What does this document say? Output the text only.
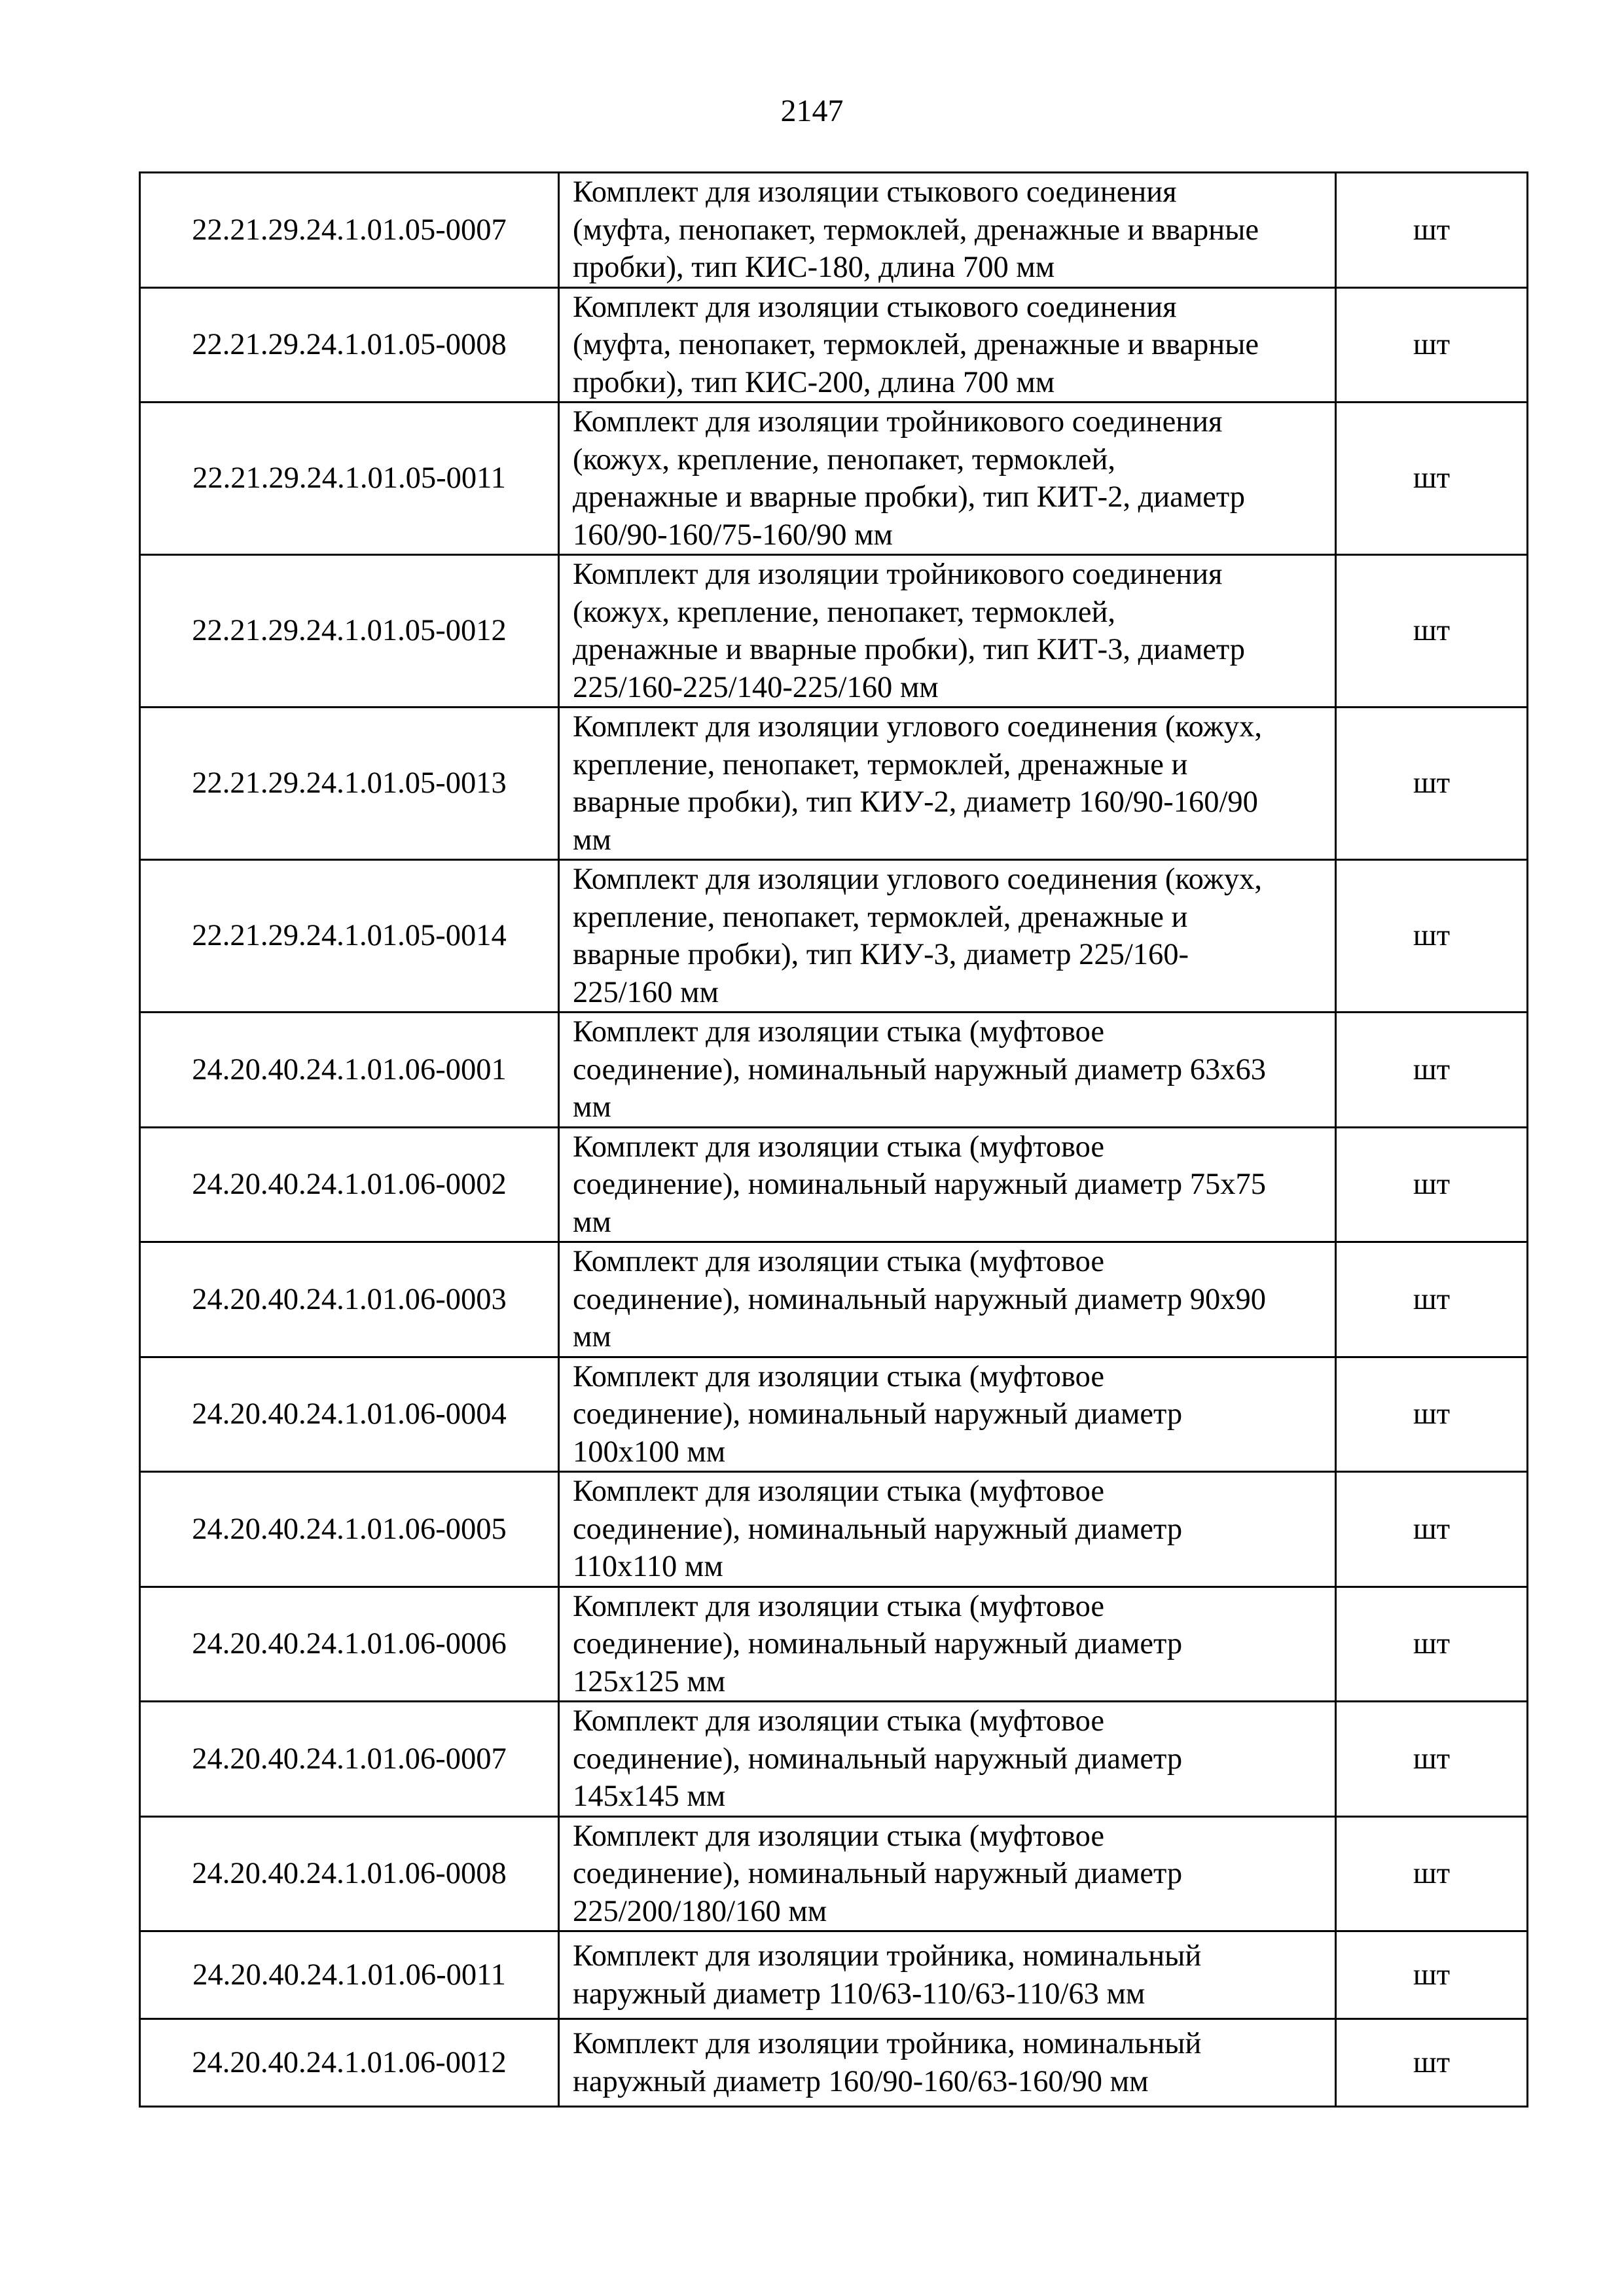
2147
22.21.29.24.1.01.05-0007	Комплект для изоляции стыкового соединения
(муфта, пенопакет, термоклей, дренажные и вварные
пробки), тип КИС-180, длина 700 мм	шт
22.21.29.24.1.01.05-0008	Комплект для изоляции стыкового соединения
(муфта, пенопакет, термоклей, дренажные и вварные
пробки), тип КИС-200, длина 700 мм	шт
22.21.29.24.1.01.05-0011	Комплект для изоляции тройникового соединения
(кожух, крепление, пенопакет, термоклей,
дренажные и вварные пробки), тип КИТ-2, диаметр
160/90-160/75-160/90 мм	шт
22.21.29.24.1.01.05-0012	Комплект для изоляции тройникового соединения
(кожух, крепление, пенопакет, термоклей,
дренажные и вварные пробки), тип КИТ-3, диаметр
225/160-225/140-225/160 мм	шт
22.21.29.24.1.01.05-0013	Комплект для изоляции углового соединения (кожух,
крепление, пенопакет, термоклей, дренажные и
вварные пробки), тип КИУ-2, диаметр 160/90-160/90
мм	шт
22.21.29.24.1.01.05-0014	Комплект для изоляции углового соединения (кожух,
крепление, пенопакет, термоклей, дренажные и
вварные пробки), тип КИУ-3, диаметр 225/160-
225/160 мм	шт
24.20.40.24.1.01.06-0001	Комплект для изоляции стыка (муфтовое
соединение), номинальный наружный диаметр 63х63
мм	шт
24.20.40.24.1.01.06-0002	Комплект для изоляции стыка (муфтовое
соединение), номинальный наружный диаметр 75х75
мм	шт
24.20.40.24.1.01.06-0003	Комплект для изоляции стыка (муфтовое
соединение), номинальный наружный диаметр 90х90
мм	шт
24.20.40.24.1.01.06-0004	Комплект для изоляции стыка (муфтовое
соединение), номинальный наружный диаметр
100х100 мм	шт
24.20.40.24.1.01.06-0005	Комплект для изоляции стыка (муфтовое
соединение), номинальный наружный диаметр
110х110 мм	шт
24.20.40.24.1.01.06-0006	Комплект для изоляции стыка (муфтовое
соединение), номинальный наружный диаметр
125х125 мм	шт
24.20.40.24.1.01.06-0007	Комплект для изоляции стыка (муфтовое
соединение), номинальный наружный диаметр
145х145 мм	шт
24.20.40.24.1.01.06-0008	Комплект для изоляции стыка (муфтовое
соединение), номинальный наружный диаметр
225/200/180/160 мм	шт
24.20.40.24.1.01.06-0011	Комплект для изоляции тройника, номинальный
наружный диаметр 110/63-110/63-110/63 мм	шт
24.20.40.24.1.01.06-0012	Комплект для изоляции тройника, номинальный
наружный диаметр 160/90-160/63-160/90 мм	шт
